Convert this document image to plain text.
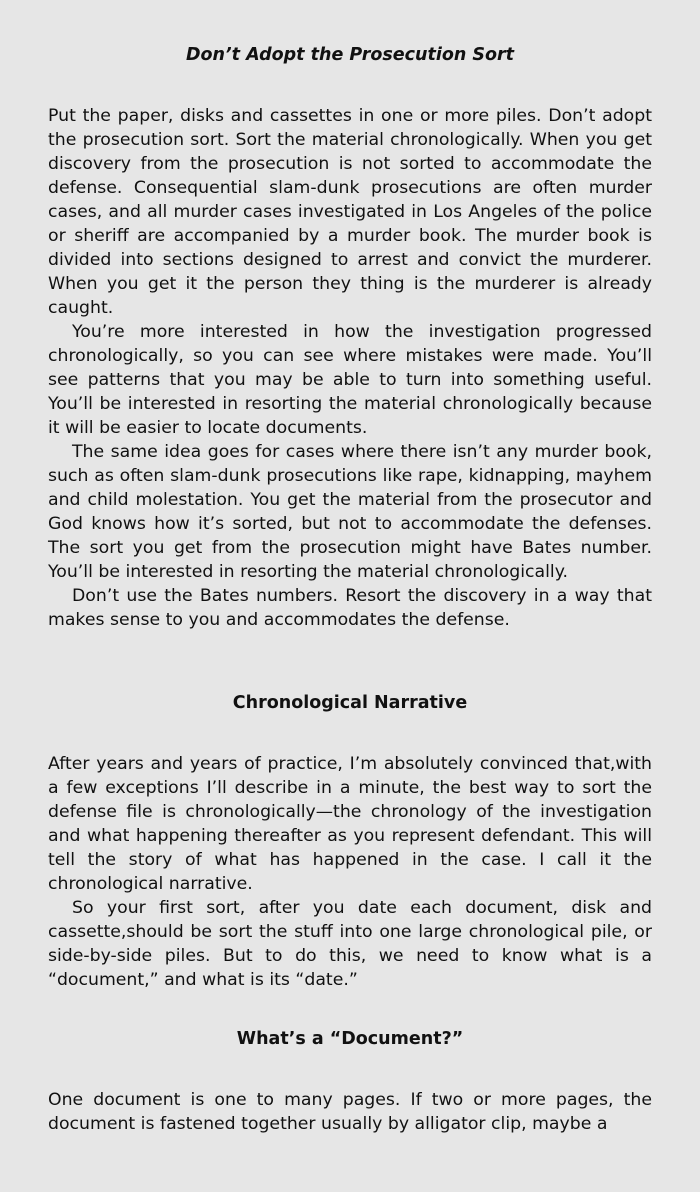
Don’t Adopt the Prosecution Sort

Put the paper, disks and cassettes in one or more piles. Don’t adopt the prosecution sort. Sort the material chronologically. When you get discovery from the prosecution is not sorted to accommodate the defense. Consequential slam-dunk prosecutions are often murder cases, and all murder cases investigated in Los Angeles of the police or sheriff are accompanied by a murder book. The murder book is divided into sections designed to arrest and convict the murderer. When you get it the person they thing is the murderer is already caught.

You’re more interested in how the investigation progressed chronologically, so you can see where mistakes were made. You’ll see patterns that you may be able to turn into something useful. You’ll be interested in resorting the material chronologically because it will be easier to locate documents.

The same idea goes for cases where there isn’t any murder book, such as often slam-dunk prosecutions like rape, kidnapping, mayhem and child molestation. You get the material from the prosecutor and God knows how it’s sorted, but not to accommodate the defenses. The sort you get from the prosecution might have Bates number. You’ll be interested in resorting the material chronologically.

Don’t use the Bates numbers. Resort the discovery in a way that makes sense to you and accommodates the defense.

Chronological Narrative

After years and years of practice, I’m absolutely convinced that,with a few exceptions I’ll describe in a minute, the best way to sort the defense file is chronologically—the chronology of the investigation and what happening thereafter as you represent defendant. This will tell the story of what has happened in the case. I call it the chronological narrative.

So your first sort, after you date each document, disk and cassette,should be sort the stuff into one large chronological pile, or side-by-side piles. But to do this, we need to know what is a “document,” and what is its “date.”

What’s a “Document?”

One document is one to many pages. If two or more pages, the document is fastened together usually by alligator clip, maybe a
